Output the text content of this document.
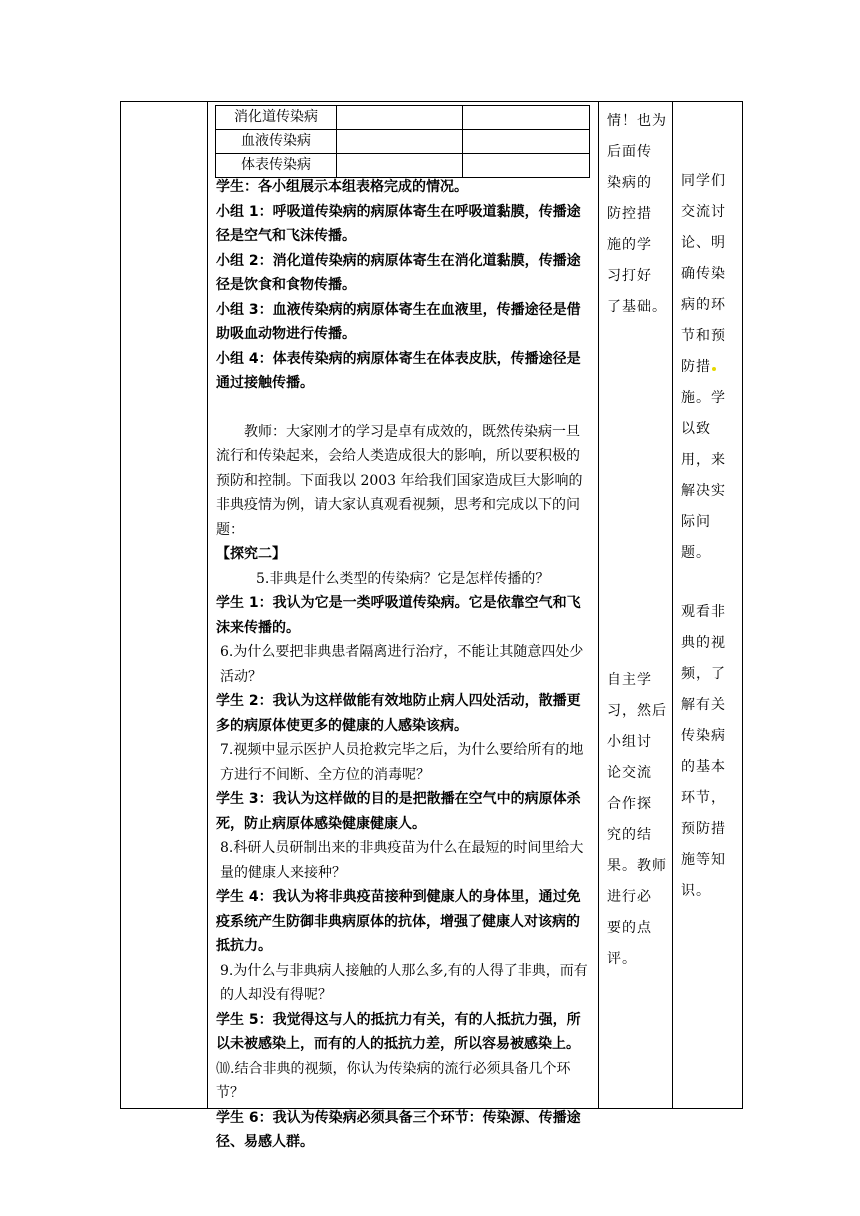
消化道传染病		
血液传染病		
体表传染病		

学生：各小组展示本组表格完成的情况。

小组 1：呼吸道传染病的病原体寄生在呼吸道黏膜，传播途径是空气和飞沫传播。

小组 2：消化道传染病的病原体寄生在消化道黏膜，传播途径是饮食和食物传播。

小组 3：血液传染病的病原体寄生在血液里，传播途径是借助吸血动物进行传播。

小组 4：体表传染病的病原体寄生在体表皮肤，传播途径是通过接触传播。

教师：大家刚才的学习是卓有成效的，既然传染病一旦流行和传染起来，会给人类造成很大的影响，所以要积极的预防和控制。下面我以 2003 年给我们国家造成巨大影响的非典疫情为例，请大家认真观看视频，思考和完成以下的问题：

【探究二】

5.非典是什么类型的传染病？它是怎样传播的？

学生 1：我认为它是一类呼吸道传染病。它是依靠空气和飞沫来传播的。

6.为什么要把非典患者隔离进行治疗，不能让其随意四处少活动？

学生 2：我认为这样做能有效地防止病人四处活动，散播更多的病原体使更多的健康的人感染该病。

7.视频中显示医护人员抢救完毕之后，为什么要给所有的地方进行不间断、全方位的消毒呢？

学生 3：我认为这样做的目的是把散播在空气中的病原体杀死，防止病原体感染健康健康人。

8.科研人员研制出来的非典疫苗为什么在最短的时间里给大量的健康人来接种？

学生 4：我认为将非典疫苗接种到健康人的身体里，通过免疫系统产生防御非典病原体的抗体，增强了健康人对该病的抵抗力。

9.为什么与非典病人接触的人那么多,有的人得了非典，而有的人却没有得呢？

学生 5：我觉得这与人的抵抗力有关，有的人抵抗力强，所以未被感染上，而有的人的抵抗力差，所以容易被感染上。

⑽.结合非典的视频，你认为传染病的流行必须具备几个环节？

学生 6：我认为传染病必须具备三个环节：传染源、传播途径、易感人群。

情！也为

后面传

染病的

防控措

施的学

习打好

了基础。

自主学

习，然后

小组讨

论交流

合作探

究的结

果。教师

进行必

要的点

评。

同学们

交流讨

论、明

确传染

病的环

节和预

防措

施。学

以致

用，来

解决实

际问

题。

观看非

典的视

频，了

解有关

传染病

的基本

环节，

预防措

施等知

识。
